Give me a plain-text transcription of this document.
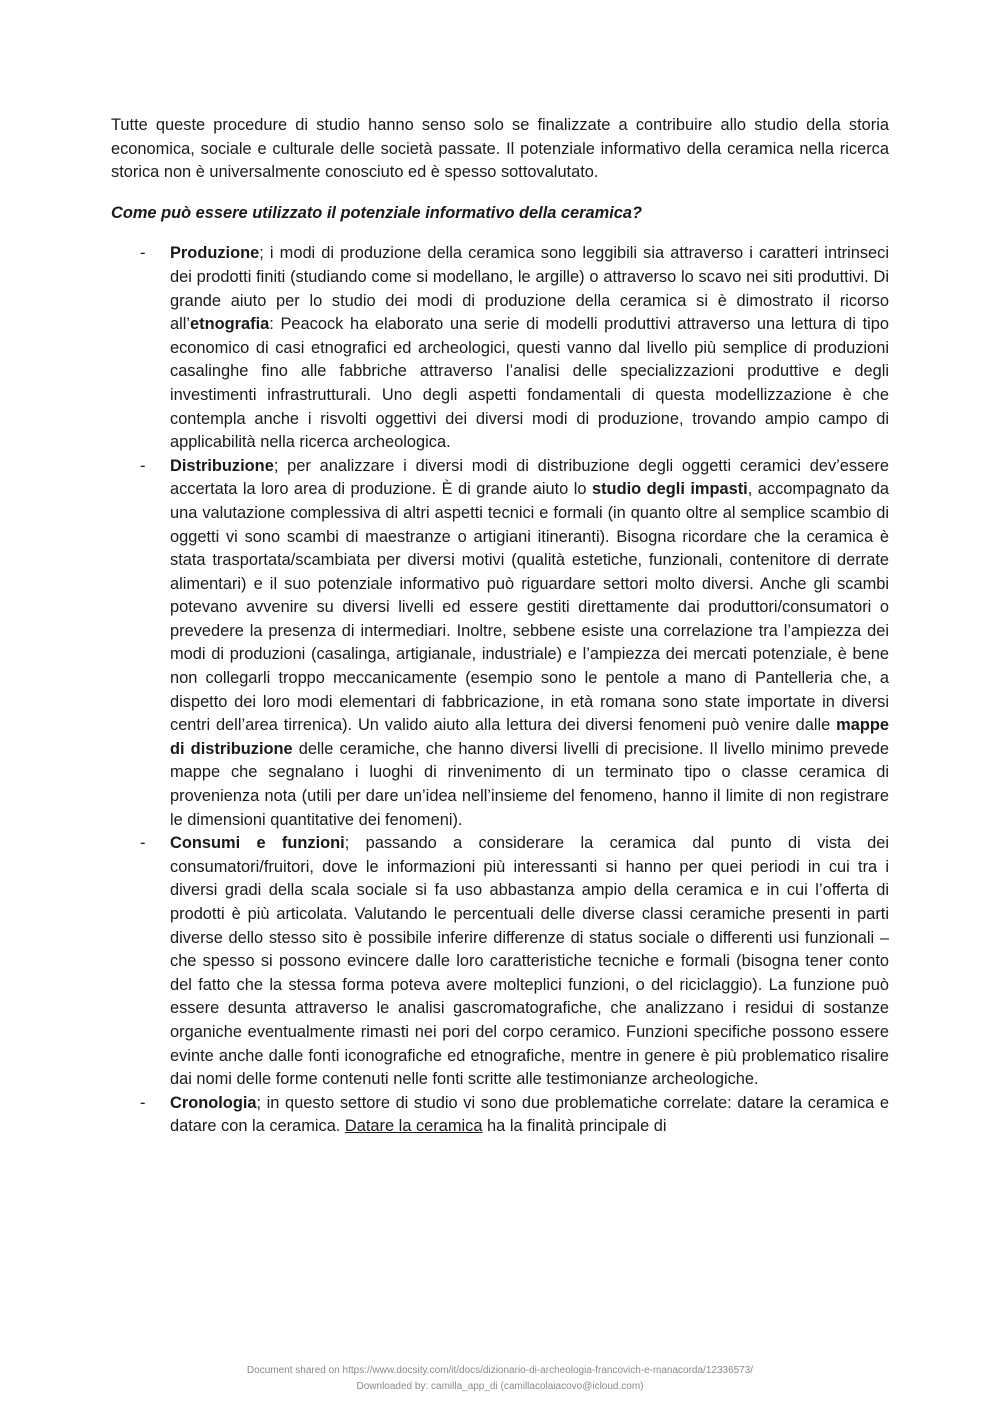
Tutte queste procedure di studio hanno senso solo se finalizzate a contribuire allo studio della storia economica, sociale e culturale delle società passate. Il potenziale informativo della ceramica nella ricerca storica non è universalmente conosciuto ed è spesso sottovalutato.

Come può essere utilizzato il potenziale informativo della ceramica?
- Produzione; i modi di produzione della ceramica sono leggibili sia attraverso i caratteri intrinseci dei prodotti finiti (studiando come si modellano, le argille) o attraverso lo scavo nei siti produttivi. Di grande aiuto per lo studio dei modi di produzione della ceramica si è dimostrato il ricorso all’etnografia: Peacock ha elaborato una serie di modelli produttivi attraverso una lettura di tipo economico di casi etnografici ed archeologici, questi vanno dal livello più semplice di produzioni casalinghe fino alle fabbriche attraverso l’analisi delle specializzazioni produttive e degli investimenti infrastrutturali. Uno degli aspetti fondamentali di questa modellizzazione è che contempla anche i risvolti oggettivi dei diversi modi di produzione, trovando ampio campo di applicabilità nella ricerca archeologica.
- Distribuzione; per analizzare i diversi modi di distribuzione degli oggetti ceramici dev’essere accertata la loro area di produzione. È di grande aiuto lo studio degli impasti, accompagnato da una valutazione complessiva di altri aspetti tecnici e formali (in quanto oltre al semplice scambio di oggetti vi sono scambi di maestranze o artigiani itineranti). Bisogna ricordare che la ceramica è stata trasportata/scambiata per diversi motivi (qualità estetiche, funzionali, contenitore di derrate alimentari) e il suo potenziale informativo può riguardare settori molto diversi. Anche gli scambi potevano avvenire su diversi livelli ed essere gestiti direttamente dai produttori/consumatori o prevedere la presenza di intermediari. Inoltre, sebbene esiste una correlazione tra l’ampiezza dei modi di produzioni (casalinga, artigianale, industriale) e l’ampiezza dei mercati potenziale, è bene non collegarli troppo meccanicamente (esempio sono le pentole a mano di Pantelleria che, a dispetto dei loro modi elementari di fabbricazione, in età romana sono state importate in diversi centri dell’area tirrenica). Un valido aiuto alla lettura dei diversi fenomeni può venire dalle mappe di distribuzione delle ceramiche, che hanno diversi livelli di precisione. Il livello minimo prevede mappe che segnalano i luoghi di rinvenimento di un terminato tipo o classe ceramica di provenienza nota (utili per dare un’idea nell’insieme del fenomeno, hanno il limite di non registrare le dimensioni quantitative dei fenomeni).
- Consumi e funzioni; passando a considerare la ceramica dal punto di vista dei consumatori/fruitori, dove le informazioni più interessanti si hanno per quei periodi in cui tra i diversi gradi della scala sociale si fa uso abbastanza ampio della ceramica e in cui l’offerta di prodotti è più articolata. Valutando le percentuali delle diverse classi ceramiche presenti in parti diverse dello stesso sito è possibile inferire differenze di status sociale o differenti usi funzionali – che spesso si possono evincere dalle loro caratteristiche tecniche e formali (bisogna tener conto del fatto che la stessa forma poteva avere molteplici funzioni, o del riciclaggio). La funzione può essere desunta attraverso le analisi gascromatografiche, che analizzano i residui di sostanze organiche eventualmente rimasti nei pori del corpo ceramico. Funzioni specifiche possono essere evinte anche dalle fonti iconografiche ed etnografiche, mentre in genere è più problematico risalire dai nomi delle forme contenuti nelle fonti scritte alle testimonianze archeologiche.
- Cronologia; in questo settore di studio vi sono due problematiche correlate: datare la ceramica e datare con la ceramica. Datare la ceramica ha la finalità principale di
Document shared on https://www.docsity.com/it/docs/dizionario-di-archeologia-francovich-e-manacorda/12336573/
Downloaded by: camilla_app_di (camillacolaiacovo@icloud.com)
